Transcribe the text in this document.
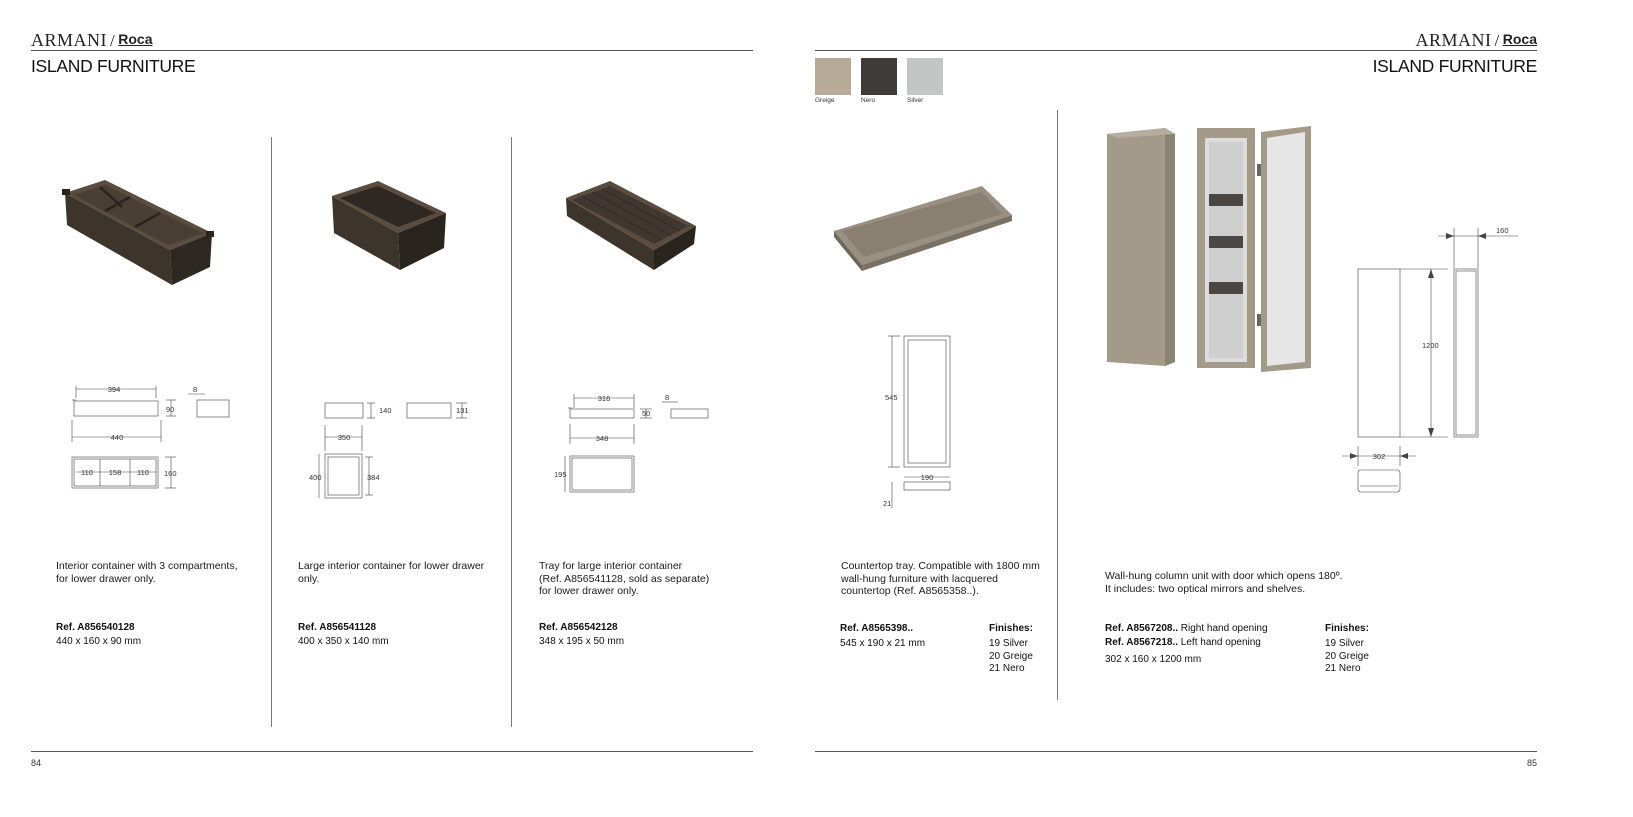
ARMANI / Roca
ISLAND FURNITURE
394	8
90
440
110 158 110 160
140	131
350
400	384
316	8
50
348
195
Interior container with 3 compartments,
for lower drawer only.
Ref. A856540128
440 x 160 x 90 mm
Large interior container for lower drawer
only.
Ref. A856541128
400 x 350 x 140 mm
Tray for large interior container
(Ref. A856541128, sold as separate)
for lower drawer only.
Ref. A856542128
348 x 195 x 50 mm
84
ARMANI / Roca
ISLAND FURNITURE
Greige	Nero	Silver
545
190
21
160
1200
302
Countertop tray. Compatible with 1800 mm
wall-hung furniture with lacquered
countertop (Ref. A8565358..).
Ref. A8565398..
545 x 190 x 21 mm
Finishes:
19 Silver
20 Greige
21 Nero
Wall-hung column unit with door which opens 180º.
It includes: two optical mirrors and shelves.
Ref. A8567208.. Right hand opening
Ref. A8567218.. Left hand opening
302 x 160 x 1200 mm
Finishes:
19 Silver
20 Greige
21 Nero
85
